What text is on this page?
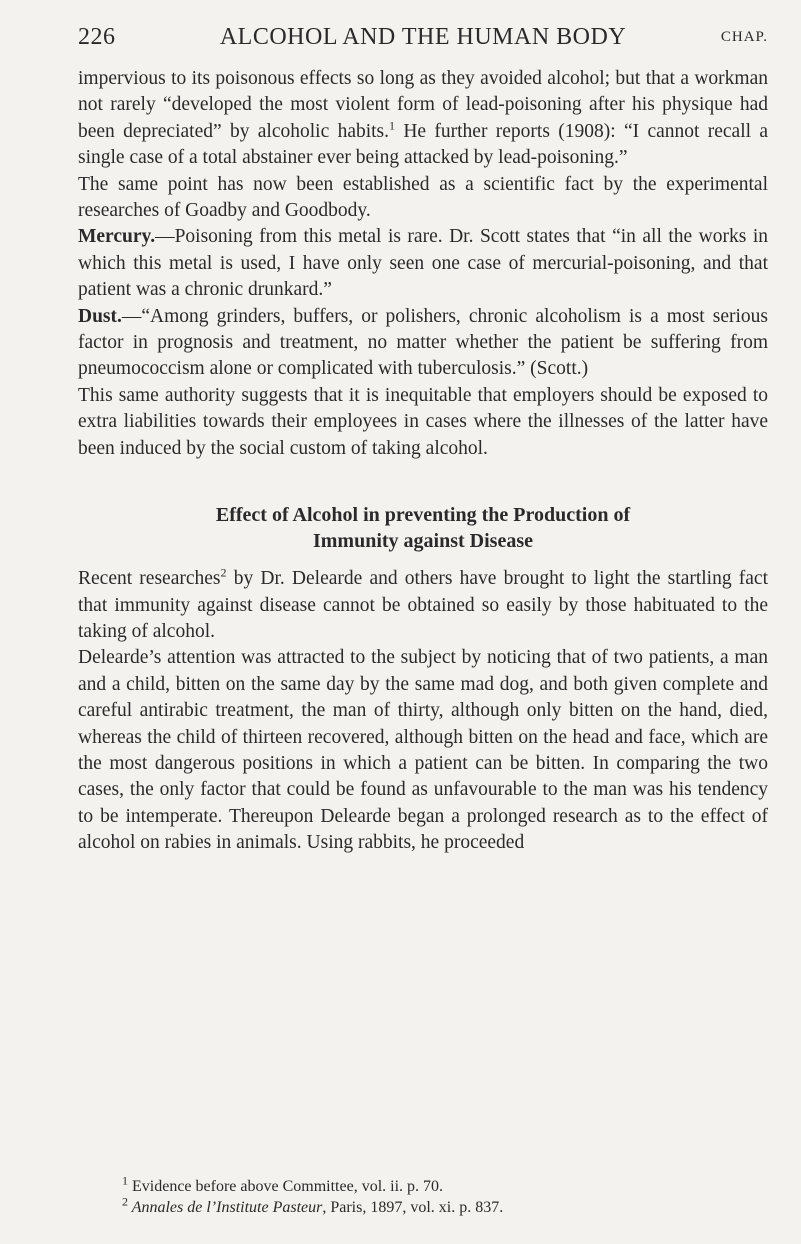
226	ALCOHOL AND THE HUMAN BODY	CHAP.

impervious to its poisonous effects so long as they avoided alcohol; but that a workman not rarely “developed the most violent form of lead-poisoning after his physique had been depreciated” by alcoholic habits.$^1$ He further reports (1908): “I cannot recall a single case of a total abstainer ever being attacked by lead-poisoning.”

The same point has now been established as a scientific fact by the experimental researches of Goadby and Goodbody.

Mercury.—Poisoning from this metal is rare. Dr. Scott states that “in all the works in which this metal is used, I have only seen one case of mercurial-poisoning, and that patient was a chronic drunkard.”

Dust.—“Among grinders, buffers, or polishers, chronic alcoholism is a most serious factor in prognosis and treatment, no matter whether the patient be suffering from pneumococcism alone or complicated with tuberculosis.” (Scott.)

This same authority suggests that it is inequitable that employers should be exposed to extra liabilities towards their employees in cases where the illnesses of the latter have been induced by the social custom of taking alcohol.

Effect of Alcohol in preventing the Production of
Immunity against Disease

Recent researches$^2$ by Dr. Delearde and others have brought to light the startling fact that immunity against disease cannot be obtained so easily by those habituated to the taking of alcohol.

Delearde’s attention was attracted to the subject by noticing that of two patients, a man and a child, bitten on the same day by the same mad dog, and both given complete and careful antirabic treatment, the man of thirty, although only bitten on the hand, died, whereas the child of thirteen recovered, although bitten on the head and face, which are the most dangerous positions in which a patient can be bitten. In comparing the two cases, the only factor that could be found as unfavourable to the man was his tendency to be intemperate. Thereupon Delearde began a prolonged research as to the effect of alcohol on rabies in animals. Using rabbits, he proceeded

$^1$ Evidence before above Committee, vol. ii. p. 70.
$^2$ Annales de l’Institute Pasteur, Paris, 1897, vol. xi. p. 837.
